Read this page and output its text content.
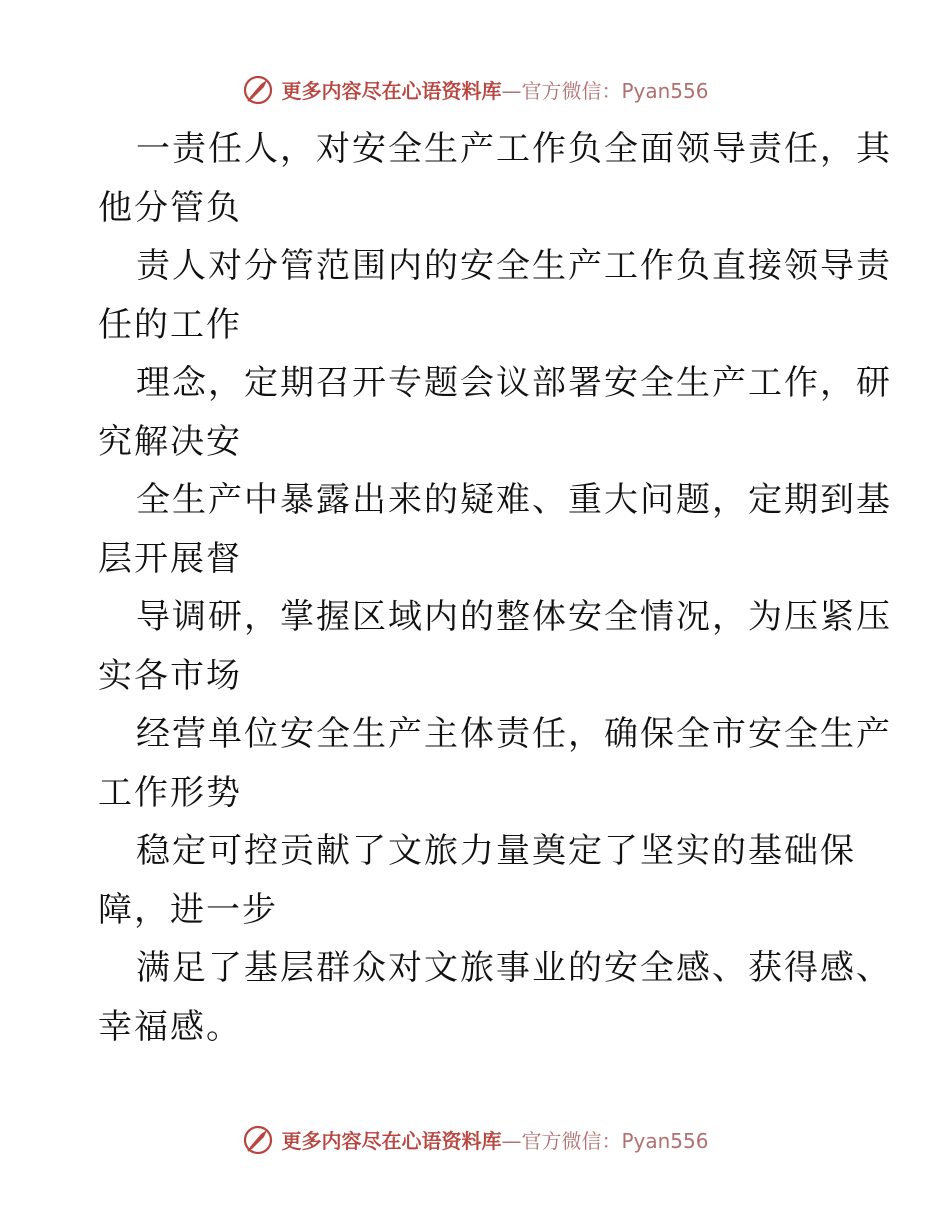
更多内容尽在心语资料库—官方微信：Pyan556
一责任人，对安全生产工作负全面领导责任，其
他分管负
责人对分管范围内的安全生产工作负直接领导责
任的工作
理念，定期召开专题会议部署安全生产工作，研
究解决安
全生产中暴露出来的疑难、重大问题，定期到基
层开展督
导调研，掌握区域内的整体安全情况，为压紧压
实各市场
经营单位安全生产主体责任，确保全市安全生产
工作形势
稳定可控贡献了文旅力量奠定了坚实的基础保
障，进一步
满足了基层群众对文旅事业的安全感、获得感、
幸福感。
更多内容尽在心语资料库—官方微信：Pyan556
